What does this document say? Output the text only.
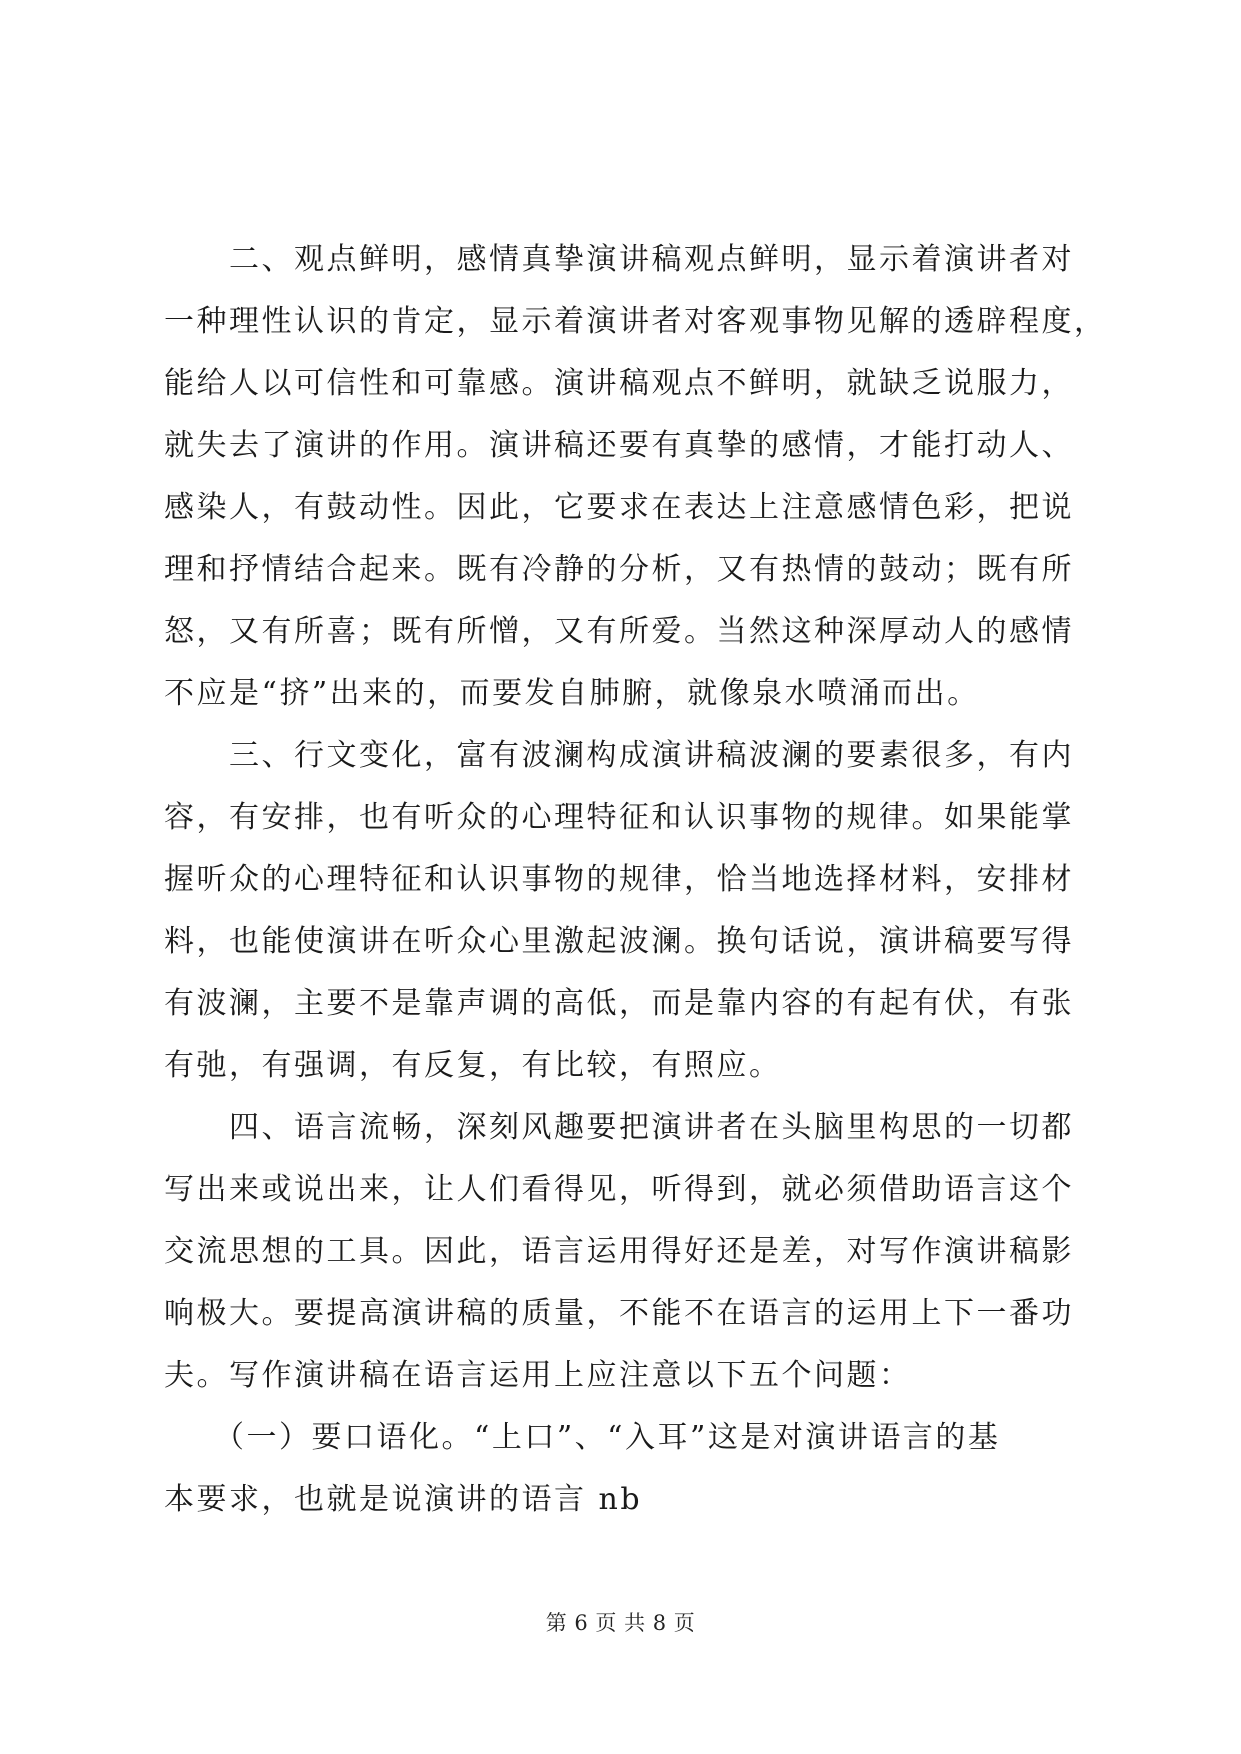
　　二、观点鲜明，感情真挚演讲稿观点鲜明，显示着演讲者对
一种理性认识的肯定，显示着演讲者对客观事物见解的透辟程度，
能给人以可信性和可靠感。演讲稿观点不鲜明，就缺乏说服力，
就失去了演讲的作用。演讲稿还要有真挚的感情，才能打动人、
感染人，有鼓动性。因此，它要求在表达上注意感情色彩，把说
理和抒情结合起来。既有冷静的分析，又有热情的鼓动；既有所
怒，又有所喜；既有所憎，又有所爱。当然这种深厚动人的感情
不应是“挤”出来的，而要发自肺腑，就像泉水喷涌而出。
　　三、行文变化，富有波澜构成演讲稿波澜的要素很多，有内
容，有安排，也有听众的心理特征和认识事物的规律。如果能掌
握听众的心理特征和认识事物的规律，恰当地选择材料，安排材
料，也能使演讲在听众心里激起波澜。换句话说，演讲稿要写得
有波澜，主要不是靠声调的高低，而是靠内容的有起有伏，有张
有弛，有强调，有反复，有比较，有照应。
　　四、语言流畅，深刻风趣要把演讲者在头脑里构思的一切都
写出来或说出来，让人们看得见，听得到，就必须借助语言这个
交流思想的工具。因此，语言运用得好还是差，对写作演讲稿影
响极大。要提高演讲稿的质量，不能不在语言的运用上下一番功
夫。写作演讲稿在语言运用上应注意以下五个问题：
　　（一）要口语化。“上口”、“入耳”这是对演讲语言的基
本要求，也就是说演讲的语言 nb
第 6 页 共 8 页
